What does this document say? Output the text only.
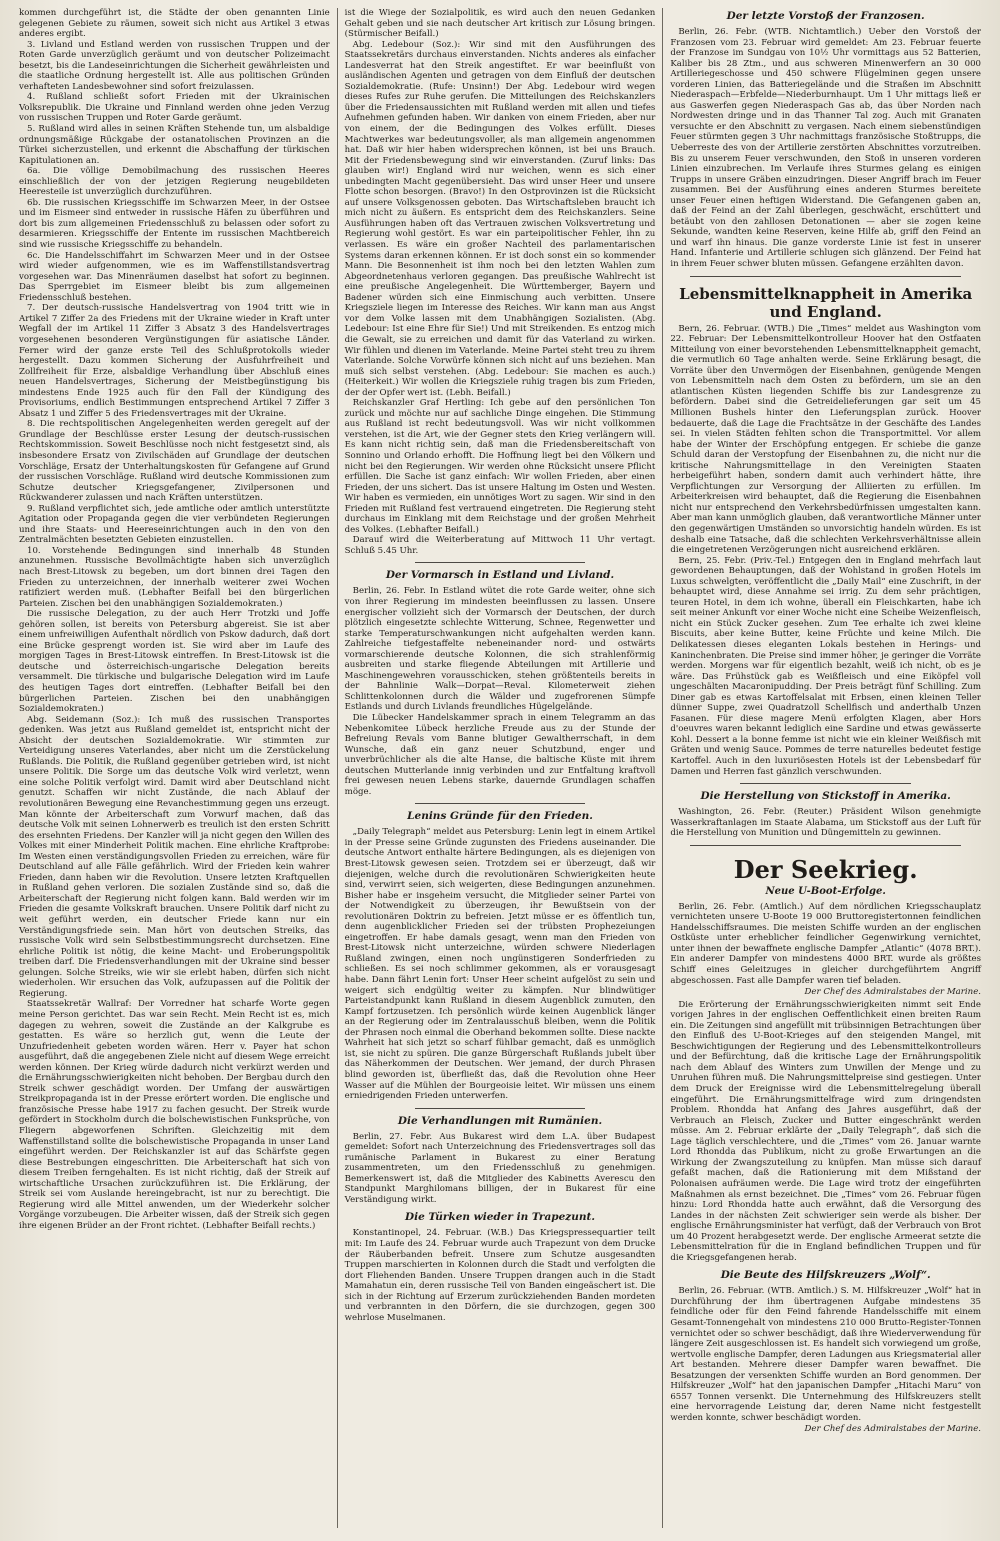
kommen durchgeführt ist, die Städte der oben genannten Linie gelegenen Gebiete zu räumen, soweit sich nicht aus Artikel 3 etwas anderes ergibt.

3. Livland und Estland werden von russischen Truppen und der Roten Garde unverzüglich geräumt und von deutscher Polizeimacht besetzt, bis die Landeseinrichtungen die Sicherheit gewährleisten und die staatliche Ordnung hergestellt ist. Alle aus politischen Gründen verhafteten Landesbewohner sind sofort freizulassen.

4. Rußland schließt sofort Frieden mit der Ukrainischen Volksrepublik. Die Ukraine und Finnland werden ohne jeden Verzug von russischen Truppen und Roter Garde geräumt.

5. Rußland wird alles in seinen Kräften Stehende tun, um alsbaldige ordnungsmäßige Rückgabe der ostanatolischen Provinzen an die Türkei sicherzustellen, und erkennt die Abschaffung der türkischen Kapitulationen an.

6a. Die völlige Demobilmachung des russischen Heeres einschließlich der von der jetzigen Regierung neugebildeten Heeresteile ist unverzüglich durchzuführen.

6b. Die russischen Kriegsschiffe im Schwarzen Meer, in der Ostsee und im Eismeer sind entweder in russische Häfen zu überführen und dort bis zum allgemeinen Friedensschluß zu belassen oder sofort zu desarmieren. Kriegsschiffe der Entente im russischen Machtbereich sind wie russische Kriegsschiffe zu behandeln.

6c. Die Handelsschiffahrt im Schwarzen Meer und in der Ostsee wird wieder aufgenommen, wie es im Waffenstillstandsvertrag vorgesehen war. Das Minenräumen daselbst hat sofort zu beginnen. Das Sperrgebiet im Eismeer bleibt bis zum allgemeinen Friedensschluß bestehen.

7. Der deutsch-russische Handelsvertrag von 1904 tritt wie in Artikel 7 Ziffer 2a des Friedens mit der Ukraine wieder in Kraft unter Wegfall der im Artikel 11 Ziffer 3 Absatz 3 des Handelsvertrages vorgesehenen besonderen Vergünstigungen für asiatische Länder. Ferner wird der ganze erste Teil des Schlußprotokolls wieder hergestellt. Dazu kommen Sicherung der Ausfuhrfreiheit und Zollfreiheit für Erze, alsbaldige Verhandlung über Abschluß eines neuen Handelsvertrages, Sicherung der Meistbegünstigung bis mindestens Ende 1925 auch für den Fall der Kündigung des Provisoriums, endlich Bestimmungen entsprechend Artikel 7 Ziffer 3 Absatz 1 und Ziffer 5 des Friedensvertrages mit der Ukraine.

8. Die rechtspolitischen Angelegenheiten werden geregelt auf der Grundlage der Beschlüsse erster Lesung der deutsch-russischen Rechtskommission. Soweit Beschlüsse noch nicht festgesetzt sind, als insbesondere Ersatz von Zivilschäden auf Grundlage der deutschen Vorschläge, Ersatz der Unterhaltungskosten für Gefangene auf Grund der russischen Vorschläge. Rußland wird deutsche Kommissionen zum Schutze deutscher Kriegsgefangener, Zivilpersonen und Rückwanderer zulassen und nach Kräften unterstützen.

9. Rußland verpflichtet sich, jede amtliche oder amtlich unterstützte Agitation oder Propaganda gegen die vier verbündeten Regierungen und ihre Staats- und Heereseinrichtungen auch in den von den Zentralmächten besetzten Gebieten einzustellen.

10. Vorstehende Bedingungen sind innerhalb 48 Stunden anzunehmen. Russische Bevollmächtigte haben sich unverzüglich nach Brest-Litowsk zu begeben, um dort binnen drei Tagen den Frieden zu unterzeichnen, der innerhalb weiterer zwei Wochen ratifiziert werden muß. (Lebhafter Beifall bei den bürgerlichen Parteien. Zischen bei den unabhängigen Sozialdemokraten.)

Die russische Delegation, zu der auch Herr Trotzki und Joffe gehören sollen, ist bereits von Petersburg abgereist. Sie ist aber einem unfreiwilligen Aufenthalt nördlich von Pskow dadurch, daß dort eine Brücke gesprengt worden ist. Sie wird aber im Laufe des morgigen Tages in Brest-Litowsk eintreffen. In Brest-Litowsk ist die deutsche und österreichisch-ungarische Delegation bereits versammelt. Die türkische und bulgarische Delegation wird im Laufe des heutigen Tages dort eintreffen. (Lebhafter Beifall bei den bürgerlichen Parteien. Zischen bei den unabhängigen Sozialdemokraten.)

Abg. Seidemann (Soz.): Ich muß des russischen Transportes gedenken. Was jetzt aus Rußland gemeldet ist, entspricht nicht der Absicht der deutschen Sozialdemokratie. Wir stimmten zur Verteidigung unseres Vaterlandes, aber nicht um die Zerstückelung Rußlands. Die Politik, die Rußland gegenüber getrieben wird, ist nicht unsere Politik. Die Sorge um das deutsche Volk wird verletzt, wenn eine solche Politik verfolgt wird. Damit wird aber Deutschland nicht genutzt. Schaffen wir nicht Zustände, die nach Ablauf der revolutionären Bewegung eine Revanchestimmung gegen uns erzeugt. Man könnte der Arbeiterschaft zum Vorwurf machen, daß das deutsche Volk mit seinen Lohnerwerb es treulich ist den ersten Schritt des ersehnten Friedens. Der Kanzler will ja nicht gegen den Willen des Volkes mit einer Minderheit Politik machen. Eine ehrliche Kraftprobe: Im Westen einen verständigungsvollen Frieden zu erreichen, wäre für Deutschland auf alle Fälle gefährlich. Wird der Frieden kein wahrer Frieden, dann haben wir die Revolution. Unsere letzten Kraftquellen in Rußland gehen verloren. Die sozialen Zustände sind so, daß die Arbeiterschaft der Regierung nicht folgen kann. Bald werden wir im Frieden die gesamte Volkskraft brauchen. Unsere Politik darf nicht zu weit geführt werden, ein deutscher Friede kann nur ein Verständigungsfriede sein. Man hört von deutschen Streiks, das russische Volk wird sein Selbstbestimmungsrecht durchsetzen. Eine ehrliche Politik ist nötig, die keine Macht- und Eroberungspolitik treiben darf. Die Friedensverhandlungen mit der Ukraine sind besser gelungen. Solche Streiks, wie wir sie erlebt haben, dürfen sich nicht wiederholen. Wir ersuchen das Volk, aufzupassen auf die Politik der Regierung.

Staatssekretär Wallraf: Der Vorredner hat scharfe Worte gegen meine Person gerichtet. Das war sein Recht. Mein Recht ist es, mich dagegen zu wehren, soweit die Zustände an der Kalkgrube es gestatten. Es wäre so herzlich gut, wenn die Leute der Unzufriedenheit gebeten worden wären. Herr v. Payer hat schon ausgeführt, daß die angegebenen Ziele nicht auf diesem Wege erreicht werden können. Der Krieg würde dadurch nicht verkürzt werden und die Ernährungsschwierigkeiten nicht behoben. Der Bergbau durch den Streik schwer geschädigt worden. Der Umfang der auswärtigen Streikpropaganda ist in der Presse erörtert worden. Die englische und französische Presse habe 1917 zu fachen gesucht. Der Streik wurde gefördert in Stockholm durch die bolschewistischen Funksprüche, von Fliegern abgeworfenen Schriften. Gleichzeitig mit dem Waffenstillstand sollte die bolschewistische Propaganda in unser Land eingeführt werden. Der Reichskanzler ist auf das Schärfste gegen diese Bestrebungen eingeschritten. Die Arbeiterschaft hat sich von diesem Treiben ferngehalten. Es ist nicht richtig, daß der Streik auf wirtschaftliche Ursachen zurückzuführen ist. Die Erklärung, der Streik sei vom Auslande hereingebracht, ist nur zu berechtigt. Die Regierung wird alle Mittel anwenden, um der Wiederkehr solcher Vorgänge vorzubeugen. Die Arbeiter wissen, daß der Streik sich gegen ihre eigenen Brüder an der Front richtet. (Lebhafter Beifall rechts.)

ist die Wiege der Sozialpolitik, es wird auch den neuen Gedanken Gehalt geben und sie nach deutscher Art kritisch zur Lösung bringen. (Stürmischer Beifall.)

Abg. Ledebour (Soz.): Wir sind mit den Ausführungen des Staatssekretärs durchaus einverstanden. Nichts anderes als einfacher Landesverrat hat den Streik angestiftet. Er war beeinflußt von ausländischen Agenten und getragen von dem Einfluß der deutschen Sozialdemokratie. (Rufe: Unsinn!) Der Abg. Ledebour wird wegen dieses Rufes zur Ruhe gerufen. Die Mitteilungen des Reichskanzlers über die Friedensaussichten mit Rußland werden mit allen und tiefes Aufnehmen gefunden haben. Wir danken von einem Frieden, aber nur von einem, der die Bedingungen des Volkes erfüllt. Dieses Machtwerkes war bedeutungsvoller, als man allgemein angenommen hat. Daß wir hier haben widersprechen können, ist bei uns Brauch. Mit der Friedensbewegung sind wir einverstanden. (Zuruf links: Das glauben wir!) England wird nur weichen, wenn es sich einer unbedingten Macht gegenübersieht. Das wird unser Heer und unsere Flotte schon besorgen. (Bravo!) In den Ostprovinzen ist die Rücksicht auf unsere Volksgenossen geboten. Das Wirtschaftsleben braucht ich mich nicht zu äußern. Es entspricht dem des Reichskanzlers. Seine Ausführungen haben oft das Vertrauen zwischen Volksvertretung und Regierung wohl gestört. Es war ein parteipolitischer Fehler, ihn zu verlassen. Es wäre ein großer Nachteil des parlamentarischen Systems daran erkennen können. Er ist doch sonst ein so kommender Mann. Die Besonnenheit ist ihm noch bei den letzten Wahlen zum Abgeordnetenhaus verloren gegangen. Das preußische Wahlrecht ist eine preußische Angelegenheit. Die Württemberger, Bayern und Badener würden sich eine Einmischung auch verbitten. Unsere Kriegsziele liegen im Interesse des Reiches. Wir kann man aus Angst vor dem Volke lassen mit dem Unabhängigen Sozialisten. (Abg. Ledebour: Ist eine Ehre für Sie!) Und mit Streikenden. Es entzog mich die Gewalt, sie zu erreichen und damit für das Vaterland zu wirken. Wir fühlen und dienen im Vaterlande. Meine Partei steht treu zu ihrem Vaterlande. Solche Vorwürfe können sich nicht auf uns beziehen. Man muß sich selbst verstehen. (Abg. Ledebour: Sie machen es auch.) (Heiterkeit.) Wir wollen die Kriegsziele ruhig tragen bis zum Frieden, der der Opfer wert ist. (Lebh. Beifall.)

Reichskanzler Graf Hertling: Ich gebe auf den persönlichen Ton zurück und möchte nur auf sachliche Dinge eingehen. Die Stimmung aus Rußland ist recht bedeutungsvoll. Was wir nicht vollkommen verstehen, ist die Art, wie der Gegner stets den Krieg verlängern will. Es kann nicht richtig sein, daß man die Friedensbereitschaft von Sonnino und Orlando erhofft. Die Hoffnung liegt bei den Völkern und nicht bei den Regierungen. Wir werden ohne Rücksicht unsere Pflicht erfüllen. Die Sache ist ganz einfach: Wir wollen Frieden, aber einen Frieden, der uns sichert. Das ist unsere Haltung im Osten und Westen. Wir haben es vermieden, ein unnötiges Wort zu sagen. Wir sind in den Frieden mit Rußland fest vertrauend eingetreten. Die Regierung steht durchaus im Einklang mit dem Reichstage und der großen Mehrheit des Volkes. (Lebhafter Beifall.)

Darauf wird die Weiterberatung auf Mittwoch 11 Uhr vertagt. Schluß 5.45 Uhr.

Der Vormarsch in Estland und Livland.

Berlin, 26. Febr. In Estland wütet die rote Garde weiter, ohne sich von ihrer Regierung im mindesten beeinflussen zu lassen. Unsere energischer vollzieht sich der Vormarsch der Deutschen, der durch plötzlich eingesetzte schlechte Witterung, Schnee, Regenwetter und starke Temperaturschwankungen nicht aufgehalten werden kann. Zahlreiche tiefgestaffelte nebeneinander nord- und ostwärts vormarschierende deutsche Kolonnen, die sich strahlenförmig ausbreiten und starke fliegende Abteilungen mit Artillerie und Maschinengewehren vorausschicken, stehen größtenteils bereits in der Bahnlinie Walk—Dorpat—Reval. Kilometerweit ziehen Schlittenkolonnen durch die Wälder und zugefrorenen Sümpfe Estlands und durch Livlands freundliches Hügelgelände.

Die Lübecker Handelskammer sprach in einem Telegramm an das Nebenkomitee Lübeck herzliche Freude aus zu der Stunde der Befreiung Revals vom Banne blutiger Gewaltherrschaft, in dem Wunsche, daß ein ganz neuer Schutzbund, enger und unverbrüchlicher als die alte Hanse, die baltische Küste mit ihrem deutschen Mutterlande innig verbinden und zur Entfaltung kraftvoll frei gewesen neuen Lebens starke, dauernde Grundlagen schaffen möge.

Lenins Gründe für den Frieden.

„Daily Telegraph“ meldet aus Petersburg: Lenin legt in einem Artikel in der Presse seine Gründe zugunsten des Friedens auseinander. Die deutsche Antwort enthalte härtere Bedingungen, als es diejenigen von Brest-Litowsk gewesen seien. Trotzdem sei er überzeugt, daß wir diejenigen, welche durch die revolutionären Schwierigkeiten heute sind, verwirrt seien, sich weigerten, diese Bedingungen anzunehmen. Bisher habe er insgeheim versucht, die Mitglieder seiner Partei von der Notwendigkeit zu überzeugen, ihr Bewußtsein von der revolutionären Doktrin zu befreien. Jetzt müsse er es öffentlich tun, denn augenblicklicher Frieden sei der trübsten Prophezeiungen eingetroffen. Er habe damals gesagt, wenn man den Frieden von Brest-Litowsk nicht unterzeichne, würden schwere Niederlagen Rußland zwingen, einen noch ungünstigeren Sonderfrieden zu schließen. Es sei noch schlimmer gekommen, als er vorausgesagt habe. Dann fährt Lenin fort: Unser Heer scheint aufgelöst zu sein und weigert sich endgültig weiter zu kämpfen. Nur blindwütiger Parteistandpunkt kann Rußland in diesem Augenblick zumuten, den Kampf fortzusetzen. Ich persönlich würde keinen Augenblick länger an der Regierung oder im Zentralausschuß bleiben, wenn die Politik der Phrasen noch einmal die Oberhand bekommen sollte. Diese nackte Wahrheit hat sich jetzt so scharf fühlbar gemacht, daß es unmöglich ist, sie nicht zu spüren. Die ganze Bürgerschaft Rußlands jubelt über das Näherkommen der Deutschen. Wer jemand, der durch Phrasen blind geworden ist, überfließt das, daß die Revolution ohne Heer Wasser auf die Mühlen der Bourgeoisie leitet. Wir müssen uns einem erniedrigenden Frieden unterwerfen.

Die Verhandlungen mit Rumänien.

Berlin, 27. Febr. Aus Bukarest wird dem L.A. über Budapest gemeldet: Sofort nach Unterzeichnung des Friedensvertrages soll das rumänische Parlament in Bukarest zu einer Beratung zusammentreten, um den Friedensschluß zu genehmigen. Bemerkenswert ist, daß die Mitglieder des Kabinetts Averescu den Standpunkt Marghilomans billigen, der in Bukarest für eine Verständigung wirkt.

Die Türken wieder in Trapezunt.

Konstantinopel, 24. Februar. (W.B.) Das Kriegspressequartier teilt mit: Im Laufe des 24. Februar wurde auch Trapezunt von dem Drucke der Räuberbanden befreit. Unsere zum Schutze ausgesandten Truppen marschierten in Kolonnen durch die Stadt und verfolgten die dort Fliehenden Banden. Unsere Truppen drangen auch in die Stadt Mamahatun ein, deren russische Teil von Banden eingeäschert ist. Die sich in der Richtung auf Erzerum zurückziehenden Banden mordeten und verbrannten in den Dörfern, die sie durchzogen, gegen 300 wehrlose Muselmanen.

Der letzte Vorstoß der Franzosen.

Berlin, 26. Febr. (WTB. Nichtamtlich.) Ueber den Vorstoß der Franzosen vom 23. Februar wird gemeldet: Am 23. Februar feuerte der Franzose im Sundgau von 10½ Uhr vormittags aus 52 Batterien, Kaliber bis 28 Ztm., und aus schweren Minenwerfern an 30 000 Artilleriegeschosse und 450 schwere Flügelminen gegen unsere vorderen Linien, das Batteriegelände und die Straßen im Abschnitt Niederaspach—Erbfelde—Niederburnhaupt. Um 1 Uhr mittags ließ er aus Gaswerfen gegen Niederaspach Gas ab, das über Norden nach Nordwesten dringe und in das Thanner Tal zog. Auch mit Granaten versuchte er den Abschnitt zu vergasen. Nach einem siebenstündigen Feuer stürmten gegen 3 Uhr nachmittags französische Stoßtrupps, die Ueberreste des von der Artillerie zerstörten Abschnittes vorzutreiben. Bis zu unserem Feuer verschwunden, den Stoß in unseren vorderen Linien einzubrechen. Im Verlaufe ihres Sturmes gelang es einigen Trupps in unsere Gräben einzudringen. Dieser Angriff brach im Feuer zusammen. Bei der Ausführung eines anderen Sturmes bereitete unser Feuer einen heftigen Widerstand. Die Gefangenen gaben an, daß der Feind an der Zahl überlegen, geschwächt, erschüttert und betäubt von den zahllosen Detonationen — aber sie zogen keine Sekunde, wandten keine Reserven, keine Hilfe ab, griff den Feind an und warf ihn hinaus. Die ganze vorderste Linie ist fest in unserer Hand. Infanterie und Artillerie schlugen sich glänzend. Der Feind hat in ihrem Feuer schwer bluten müssen. Gefangene erzählten davon.

Lebensmittelknappheit in Amerika und England.

Bern, 26. Februar. (WTB.) Die „Times“ meldet aus Washington vom 22. Februar: Der Lebensmittelkontrolleur Hoover hat den Ostfaaten Mitteilung von einer bevorstehenden Lebensmittelknappheit gemacht, die vermutlich 60 Tage anhalten werde. Seine Erklärung besagt, die Vorräte über den Unvermögen der Eisenbahnen, genügende Mengen von Lebensmitteln nach dem Osten zu befördern, um sie an den atlantischen Küsten liegenden Schiffe bis zur Landesgrenze zu befördern. Dabei sind die Getreidelieferungen gar seit um 45 Millionen Bushels hinter den Lieferungsplan zurück. Hoover bedauerte, daß die Lage die Frachtsätze in der Geschäfte des Landes sei. In vielen Städten fehlten schon die Transportmittel. Vor allem habe der Winter der Erschöpfung entgegen. Er schiebe die ganze Schuld daran der Verstopfung der Eisenbahnen zu, die nicht nur die kritische Nahrungsmittellage in den Vereinigten Staaten herbeigeführt haben, sondern damit auch verhindert hätte, ihre Verpflichtungen zur Versorgung der Alliierten zu erfüllen. Im Arbeiterkreisen wird behauptet, daß die Regierung die Eisenbahnen nicht nur entsprechend den Verkehrsbedürfnissen umgestalten kann. Aber man kann unmöglich glauben, daß verantwortliche Männer unter den gegenwärtigen Umständen so unvorsichtig handeln würden. Es ist deshalb eine Tatsache, daß die schlechten Verkehrsverhältnisse allein die eingetretenen Verzögerungen nicht ausreichend erklären.

Bern, 25. Febr. (Priv.-Tel.) Entgegen den in England mehrfach laut gewordenen Behauptungen, daß der Wohlstand in großen Hotels im Luxus schwelgten, veröffentlicht die „Daily Mail“ eine Zuschrift, in der behauptet wird, diese Annahme sei irrig. Zu dem sehr prächtigen, teuren Hotel, in dem ich wohne, überall ein Fleischkarten, habe ich seit meiner Ankunft vor einer Woche nicht eine Scheibe Weizenfleisch, nicht ein Stück Zucker gesehen. Zum Tee erhalte ich zwei kleine Biscuits, aber keine Butter, keine Früchte und keine Milch. Die Delikatessen dieses eleganten Lokals bestehen in Herings- und Kaninchenbraten. Die Preise sind immer höher, je geringer die Vorräte werden. Morgens war für eigentlich bezahlt, weiß ich nicht, ob es je wäre. Das Frühstück gab es Weißfleisch und eine Eiköpfel voll ungeschälten Macaronipudding. Der Preis beträgt fünf Schilling. Zum Diner gab es etwas Kartoffelsalat mit Erbsen, einen kleinen Teller dünner Suppe, zwei Quadratzoll Schellfisch und anderthalb Unzen Fasanen. Für diese magere Menü erfolgten Klagen, aber Hors d'oeuvres waren bekannt lediglich eine Sardine und etwas gewässerte Kohl. Dessert a la bonne femme ist nicht wie ein kleiner Weißfisch mit Gräten und wenig Sauce. Pommes de terre naturelles bedeutet festige Kartoffel. Auch in den luxuriösesten Hotels ist der Lebensbedarf für Damen und Herren fast gänzlich verschwunden.

Die Herstellung von Stickstoff in Amerika.

Washington, 26. Febr. (Reuter.) Präsident Wilson genehmigte Wasserkraftanlagen im Staate Alabama, um Stickstoff aus der Luft für die Herstellung von Munition und Düngemitteln zu gewinnen.

Der Seekrieg.
Neue U-Boot-Erfolge.

Berlin, 26. Febr. (Amtlich.) Auf dem nördlichen Kriegsschauplatz vernichteten unsere U-Boote 19 000 Bruttoregistertonnen feindlichen Handelsschiffsraumes. Die meisten Schiffe wurden an der englischen Ostküste unter erheblicher feindlicher Gegenwirkung vernichtet, unter ihnen der bewaffnete englische Dampfer „Atlantic“ (4078 BRT.). Ein anderer Dampfer von mindestens 4000 BRT. wurde als größtes Schiff eines Geleitzuges in gleicher durchgeführtem Angriff abgeschossen. Fast alle Dampfer waren tief beladen.

Der Chef des Admiralstabes der Marine.

Die Erörterung der Ernährungsschwierigkeiten nimmt seit Ende vorigen Jahres in der englischen Oeffentlichkeit einen breiten Raum ein. Die Zeitungen sind angefüllt mit trübsinnigen Betrachtungen über den Einfluß des U-Boot-Krieges auf den steigenden Mangel, mit Beschwichtigungen der Regierung und des Lebensmittelkontrolleurs und der Befürchtung, daß die kritische Lage der Ernährungspolitik nach dem Ablauf des Winters zum Unwillen der Menge und zu Unruhen führen muß. Die Nahrungsmittelpreise sind gestiegen. Unter dem Druck der Ereignisse wird die Lebensmittelregelung überall eingeführt. Die Ernährungsmittelfrage wird zum dringendsten Problem. Rhondda hat Anfang des Jahres ausgeführt, daß der Verbrauch an Fleisch, Zucker und Butter eingeschränkt werden müsse. Am 2. Februar erklärte der „Daily Telegraph“, daß sich die Lage täglich verschlechtere, und die „Times“ vom 26. Januar warnte Lord Rhondda das Publikum, nicht zu große Erwartungen an die Wirkung der Zwangszuteilung zu knüpfen. Man müsse sich darauf gefaßt machen, daß die Rationierung mit dem Mißstand der Polonaisen aufräumen werde. Die Lage wird trotz der eingeführten Maßnahmen als ernst bezeichnet. Die „Times“ vom 26. Februar fügen hinzu: Lord Rhondda hatte auch erwähnt, daß die Versorgung des Landes in der nächsten Zeit schwieriger sein werde als bisher. Der englische Ernährungsminister hat verfügt, daß der Verbrauch von Brot um 40 Prozent herabgesetzt werde. Der englische Armeerat setzte die Lebensmittelration für die in England befindlichen Truppen und für die Kriegsgefangenen herab.

Die Beute des Hilfskreuzers „Wolf“.

Berlin, 26. Februar. (WTB. Amtlich.) S. M. Hilfskreuzer „Wolf“ hat in Durchführung der ihm übertragenen Aufgabe mindestens 35 feindliche oder für den Feind fahrende Handelsschiffe mit einem Gesamt-Tonnengehalt von mindestens 210 000 Brutto-Register-Tonnen vernichtet oder so schwer beschädigt, daß ihre Wiederverwendung für längere Zeit ausgeschlossen ist. Es handelt sich vorwiegend um große, wertvolle englische Dampfer, deren Ladungen aus Kriegsmaterial aller Art bestanden. Mehrere dieser Dampfer waren bewaffnet. Die Besatzungen der versenkten Schiffe wurden an Bord genommen. Der Hilfskreuzer „Wolf“ hat den japanischen Dampfer „Hitachi Maru“ von 6557 Tonnen versenkt. Die Unternehmung des Hilfskreuzers stellt eine hervorragende Leistung dar, deren Name nicht festgestellt werden konnte, schwer beschädigt worden.

Der Chef des Admiralstabes der Marine.
